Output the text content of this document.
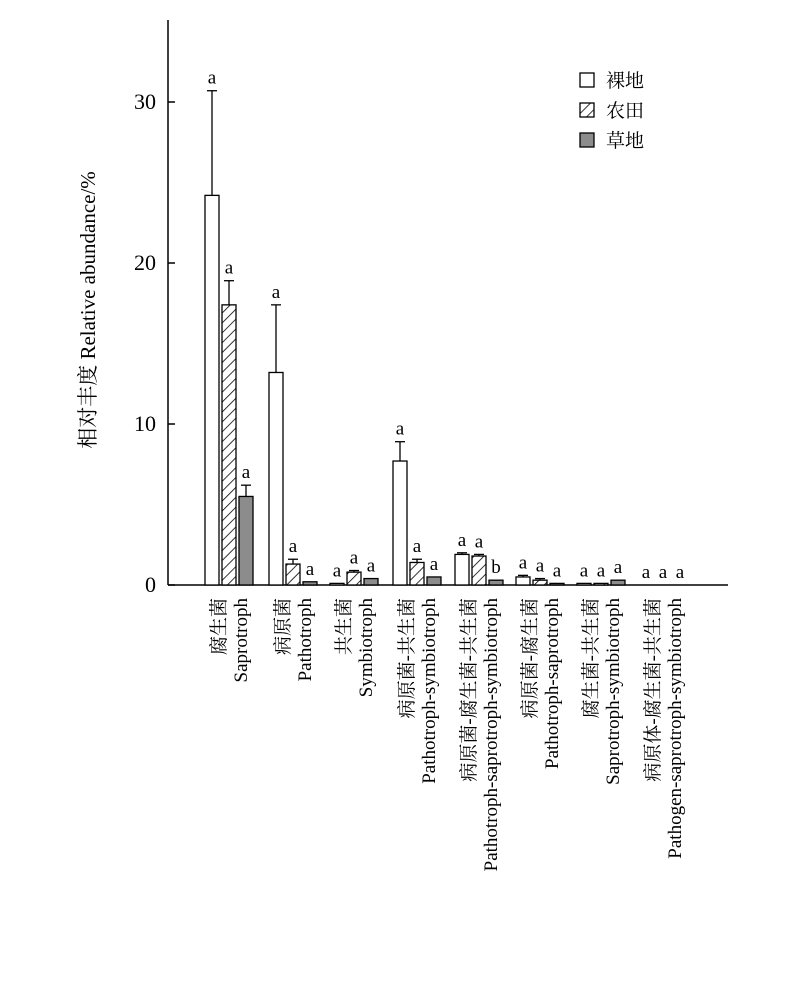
0
10
20
30
相对丰度 Relative abundance/%
a
a
a
a
a
a	a	a
a
a
a
a	a
a	a	a
a
a	a	a	b	a	a	a
腐生菌Saprotroph 病原菌Pathotroph 共生菌Symbiotroph 病原菌-共生菌Pathotroph-symbiotroph 病原菌-腐生菌-共生菌Pathotroph-saprotroph-symbiotroph 病原菌-腐生菌Pathotroph-saprotroph 腐生菌-共生菌Saprotroph-symbiotroph 病原体-腐生菌-共生菌Pathogen-saprotroph-symbiotroph
裸地
农田
草地
